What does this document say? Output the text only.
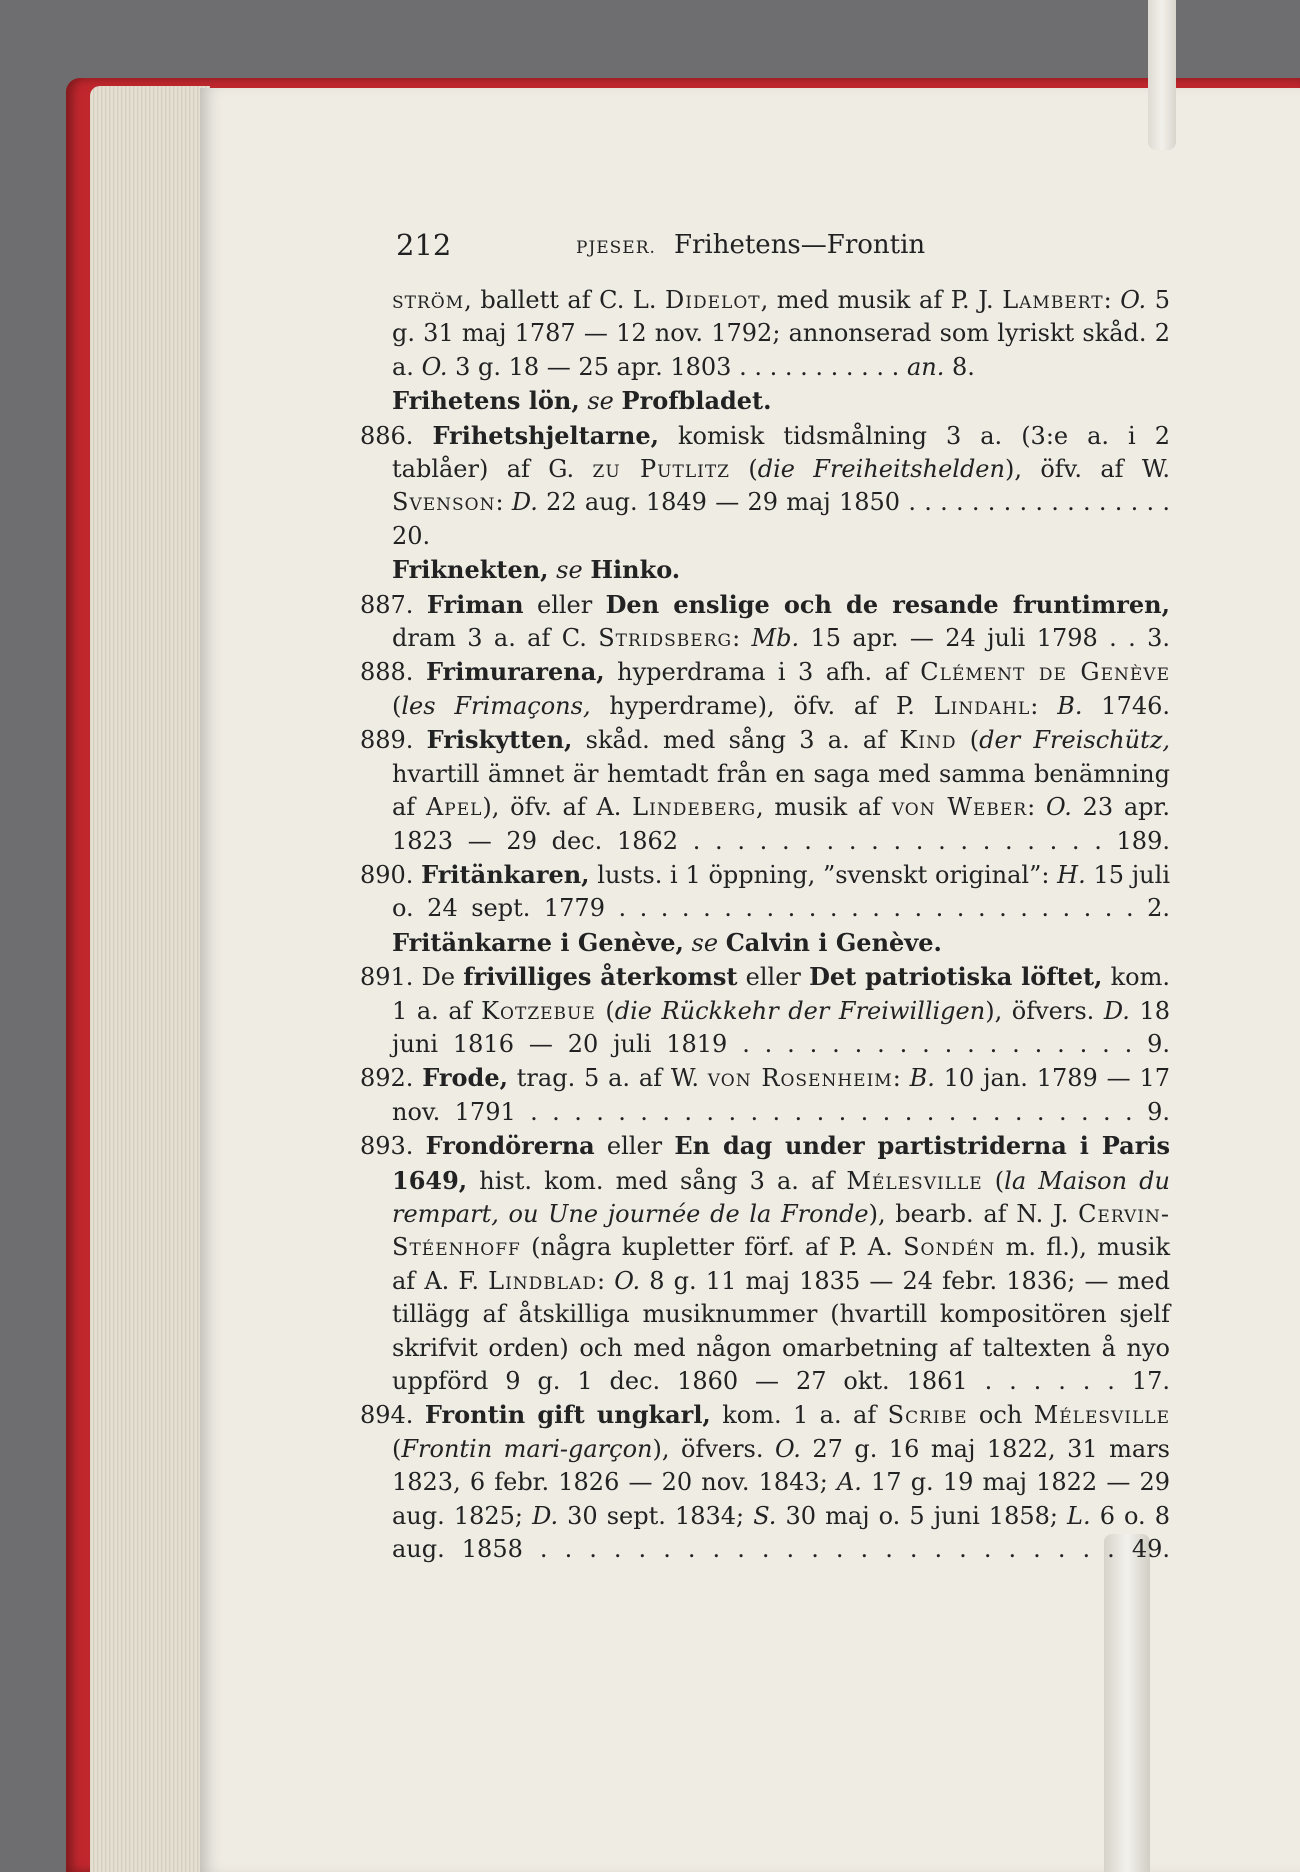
212	PJESER. Frihetens—Frontin
ström, ballett af C. L. Didelot, med musik af P. J. Lambert: O. 5 g. 31 maj 1787 — 12 nov. 1792; annonserad som lyriskt skåd. 2 a. O. 3 g. 18 — 25 apr. 1803 . . . . . . . . . . . an. 8.
Frihetens lön, se Profbladet.
886. Frihetshjeltarne, komisk tidsmålning 3 a. (3:e a. i 2 tablåer) af G. zu Putlitz (die Freiheitshelden), öfv. af W. Svenson: D. 22 aug. 1849 — 29 maj 1850 . . . . . . . . . . . . . . . . . 20.
Friknekten, se Hinko.
887. Friman eller Den enslige och de resande fruntimren, dram 3 a. af C. Stridsberg: Mb. 15 apr. — 24 juli 1798 . . 3.
888. Frimurarena, hyperdrama i 3 afh. af Clément de Genève (les Frimaçons, hyperdrame), öfv. af P. Lindahl: B. 1746.
889. Friskytten, skåd. med sång 3 a. af Kind (der Freischütz, hvartill ämnet är hemtadt från en saga med samma benämning af Apel), öfv. af A. Lindeberg, musik af von Weber: O. 23 apr. 1823 — 29 dec. 1862 . . . . . . . . . . . . . . . . . . . 189.
890. Fritänkaren, lusts. i 1 öppning, ”svenskt original”: H. 15 juli o. 24 sept. 1779 . . . . . . . . . . . . . . . . . . . . . . . . . 2.
Fritänkarne i Genève, se Calvin i Genève.
891. De frivilliges återkomst eller Det patriotiska löftet, kom. 1 a. af Kotzebue (die Rückkehr der Freiwilligen), öfvers. D. 18 juni 1816 — 20 juli 1819 . . . . . . . . . . . . . . . . . . 9.
892. Frode, trag. 5 a. af W. von Rosenheim: B. 10 jan. 1789 — 17 nov. 1791 . . . . . . . . . . . . . . . . . . . . . . . . . . . . 9.
893. Frondörerna eller En dag under partistriderna i Paris 1649, hist. kom. med sång 3 a. af Mélesville (la Maison du rempart, ou Une journée de la Fronde), bearb. af N. J. Cervin-Stéenhoff (några kupletter förf. af P. A. Sondén m. fl.), musik af A. F. Lindblad: O. 8 g. 11 maj 1835 — 24 febr. 1836; — med tillägg af åtskilliga musiknummer (hvartill kompositören sjelf skrifvit orden) och med någon omarbetning af taltexten å nyo uppförd 9 g. 1 dec. 1860 — 27 okt. 1861 . . . . . . 17.
894. Frontin gift ungkarl, kom. 1 a. af Scribe och Mélesville (Frontin mari-garçon), öfvers. O. 27 g. 16 maj 1822, 31 mars 1823, 6 febr. 1826 — 20 nov. 1843; A. 17 g. 19 maj 1822 — 29 aug. 1825; D. 30 sept. 1834; S. 30 maj o. 5 juni 1858; L. 6 o. 8 aug. 1858 . . . . . . . . . . . . . . . . . . . . . . . . 49.
